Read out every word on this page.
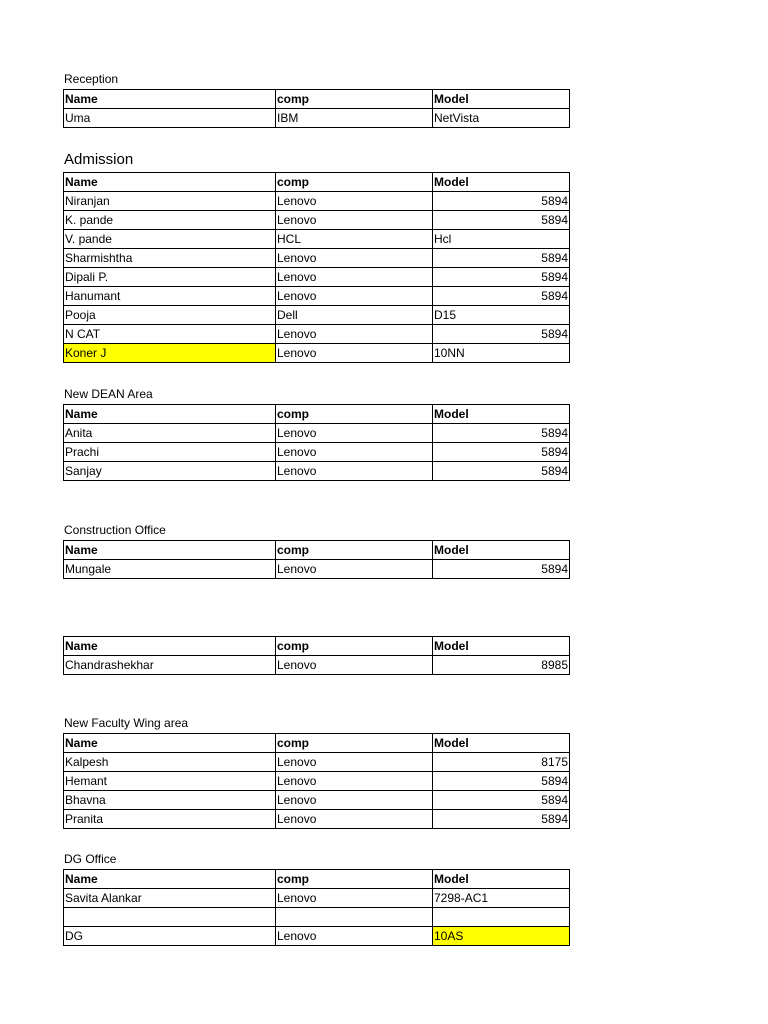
Reception
Name	comp	Model
Uma	IBM	NetVista
Admission
Name	comp	Model
Niranjan	Lenovo	5894
K. pande	Lenovo	5894
V. pande	HCL	Hcl
Sharmishtha	Lenovo	5894
Dipali P.	Lenovo	5894
Hanumant	Lenovo	5894
Pooja	Dell	D15
N CAT	Lenovo	5894
Koner J	Lenovo	10NN
New DEAN Area
Name	comp	Model
Anita	Lenovo	5894
Prachi	Lenovo	5894
Sanjay	Lenovo	5894
Construction Office
Name	comp	Model
Mungale	Lenovo	5894
Name	comp	Model
Chandrashekhar	Lenovo	8985
New Faculty Wing area
Name	comp	Model
Kalpesh	Lenovo	8175
Hemant	Lenovo	5894
Bhavna	Lenovo	5894
Pranita	Lenovo	5894
DG Office
Name	comp	Model
Savita Alankar	Lenovo	7298-AC1

DG	Lenovo	10AS
